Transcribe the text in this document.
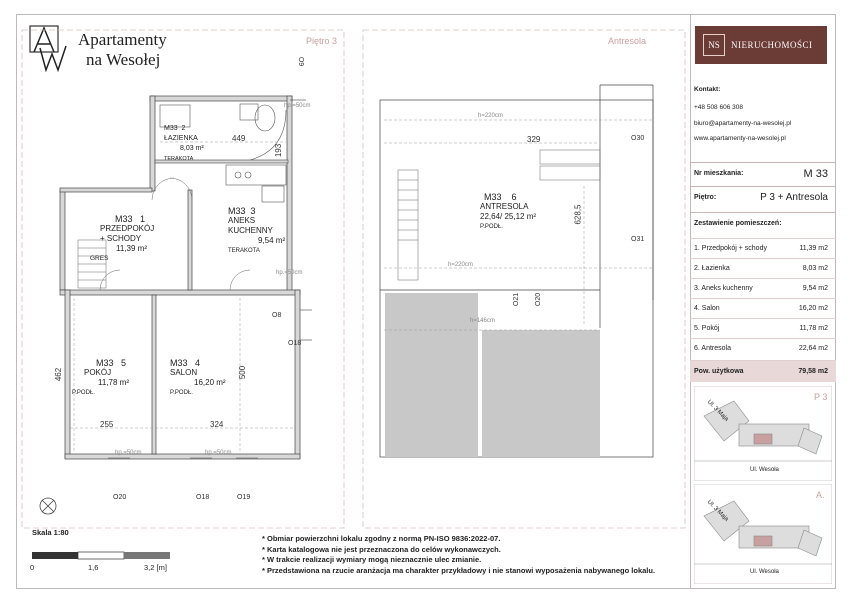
Apartamenty
na Wesołej
Piętro 3	Antresola
M33 1
PRZEDPOKÓJ
+ SCHODY
11,39 m²
GRES
M33 2
ŁAZIENKA
8,03 m²
TERAKOTA
M33 3
ANEKS
KUCHENNY
9,54 m²
TERAKOTA
M33 4
SALON
16,20 m²
P.PODŁ.
M33 5
POKÓJ
11,78 m²
P.PODŁ.
M33 6
ANTRESOLA
22,64/ 25,12 m²
P.PODŁ.
449
193
255	324
462	500
329
628,5
hp.=50cm
hp.=50cm
h=220cm
h=220cm
h=146cm
hp.=50cm	hp.=50cm
O9
O20	O18	O19
O8
O18
O30
O31
O21 O20
Skala 1:80
0	1,6	3,2 [m]
* Obmiar powierzchni lokalu zgodny z normą PN-ISO 9836:2022-07.
* Karta katalogowa nie jest przeznaczona do celów wykonawczych.
* W trakcie realizacji wymiary mogą nieznacznie ulec zmianie.
* Przedstawiona na rzucie aranżacja ma charakter przykładowy i nie stanowi wyposażenia nabywanego lokalu.
NS	NIERUCHOMOŚCI
Kontakt:
+48 508 606 308
biuro@apartamenty-na-wesolej.pl
www.apartamenty-na-wesolej.pl
Nr mieszkania:	M 33
Piętro:	P 3 + Antresola
Zestawienie pomieszczeń:
1. Przedpokój + schody	11,39 m2
2. Łazienka	8,03 m2
3. Aneks kuchenny	9,54 m2
4. Salon	16,20 m2
5. Pokój	11,78 m2
6. Antresola	22,64 m2
Pow. użytkowa	79,58 m2
P 3
Ul. 3 Maja
Ul. Wesoła
A.
Ul. 3 Maja
Ul. Wesoła
